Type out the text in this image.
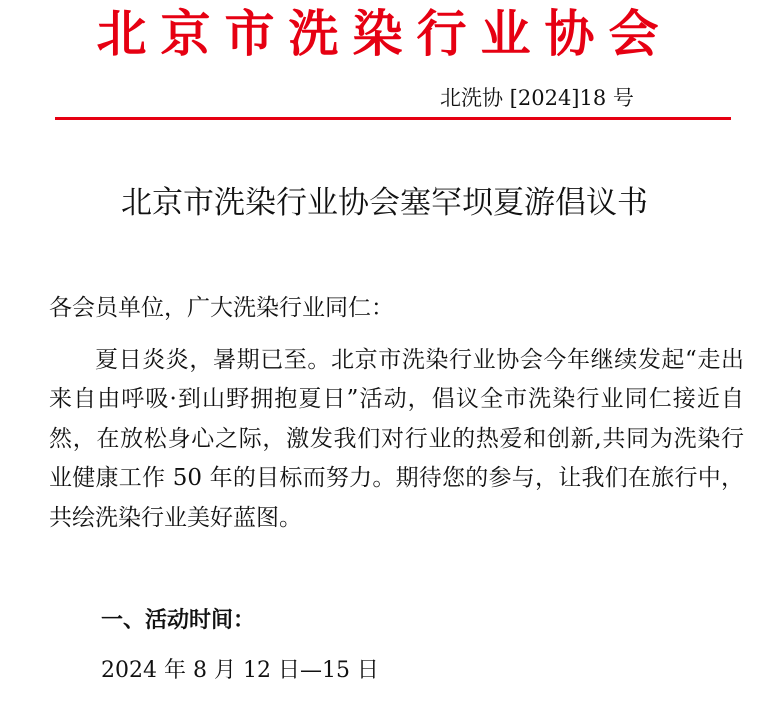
北京市洗染行业协会
北洗协 [2024]18 号
北京市洗染行业协会塞罕坝夏游倡议书
各会员单位，广大洗染行业同仁：

夏日炎炎，暑期已至。北京市洗染行业协会今年继续发起“走出来自由呼吸·到山野拥抱夏日”活动，倡议全市洗染行业同仁接近自然，在放松身心之际，激发我们对行业的热爱和创新,共同为洗染行业健康工作 50 年的目标而努力。期待您的参与，让我们在旅行中，共绘洗染行业美好蓝图。

一、活动时间：
2024 年 8 月 12 日—15 日
